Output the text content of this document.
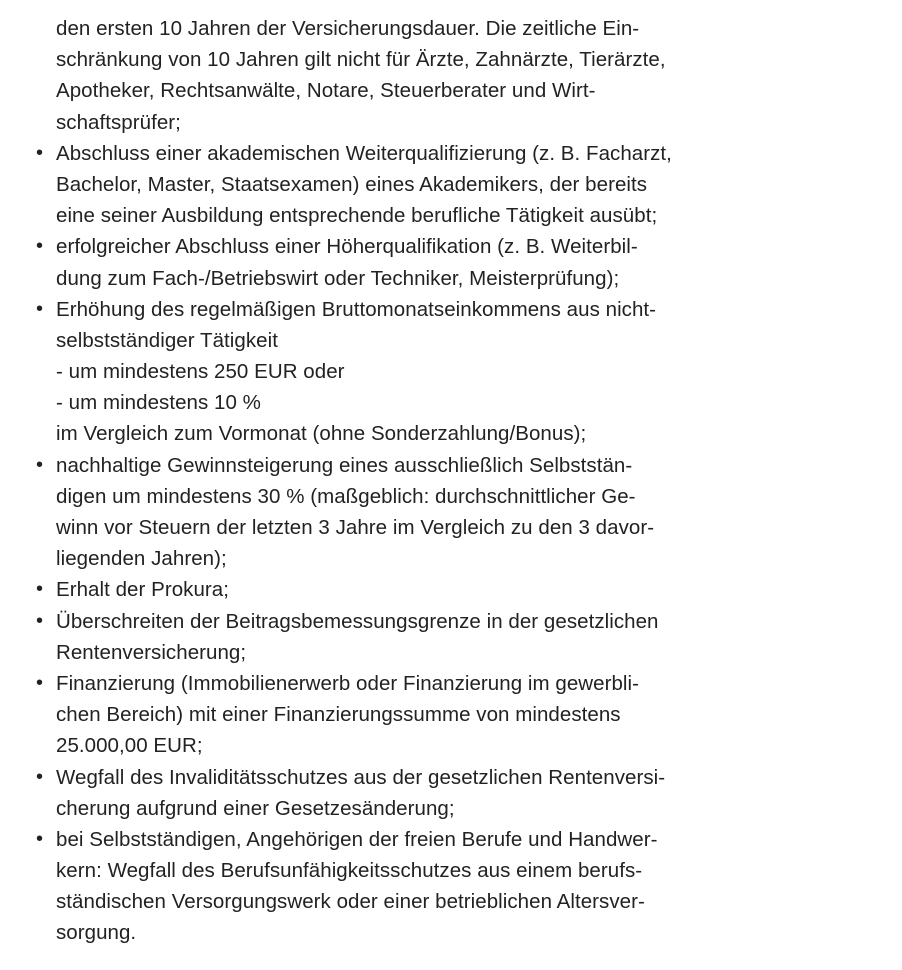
den ersten 10 Jahren der Versicherungsdauer. Die zeitliche Ein-
schränkung von 10 Jahren gilt nicht für Ärzte, Zahnärzte, Tierärzte,
Apotheker, Rechtsanwälte, Notare, Steuerberater und Wirt-
schaftsprüfer;
• Abschluss einer akademischen Weiterqualifizierung (z. B. Facharzt,
Bachelor, Master, Staatsexamen) eines Akademikers, der bereits
eine seiner Ausbildung entsprechende berufliche Tätigkeit ausübt;
• erfolgreicher Abschluss einer Höherqualifikation (z. B. Weiterbil-
dung zum Fach-/Betriebswirt oder Techniker, Meisterprüfung);
• Erhöhung des regelmäßigen Bruttomonatseinkommens aus nicht-
selbstständiger Tätigkeit
- um mindestens 250 EUR oder
- um mindestens 10 %
im Vergleich zum Vormonat (ohne Sonderzahlung/Bonus);
• nachhaltige Gewinnsteigerung eines ausschließlich Selbststän-
digen um mindestens 30 % (maßgeblich: durchschnittlicher Ge-
winn vor Steuern der letzten 3 Jahre im Vergleich zu den 3 davor-
liegenden Jahren);
• Erhalt der Prokura;
• Überschreiten der Beitragsbemessungsgrenze in der gesetzlichen
Rentenversicherung;
• Finanzierung (Immobilienerwerb oder Finanzierung im gewerbli-
chen Bereich) mit einer Finanzierungssumme von mindestens
25.000,00 EUR;
• Wegfall des Invaliditätsschutzes aus der gesetzlichen Rentenversi-
cherung aufgrund einer Gesetzesänderung;
• bei Selbstständigen, Angehörigen der freien Berufe und Handwer-
kern: Wegfall des Berufsunfähigkeitsschutzes aus einem berufs-
ständischen Versorgungswerk oder einer betrieblichen Altersver-
sorgung.
